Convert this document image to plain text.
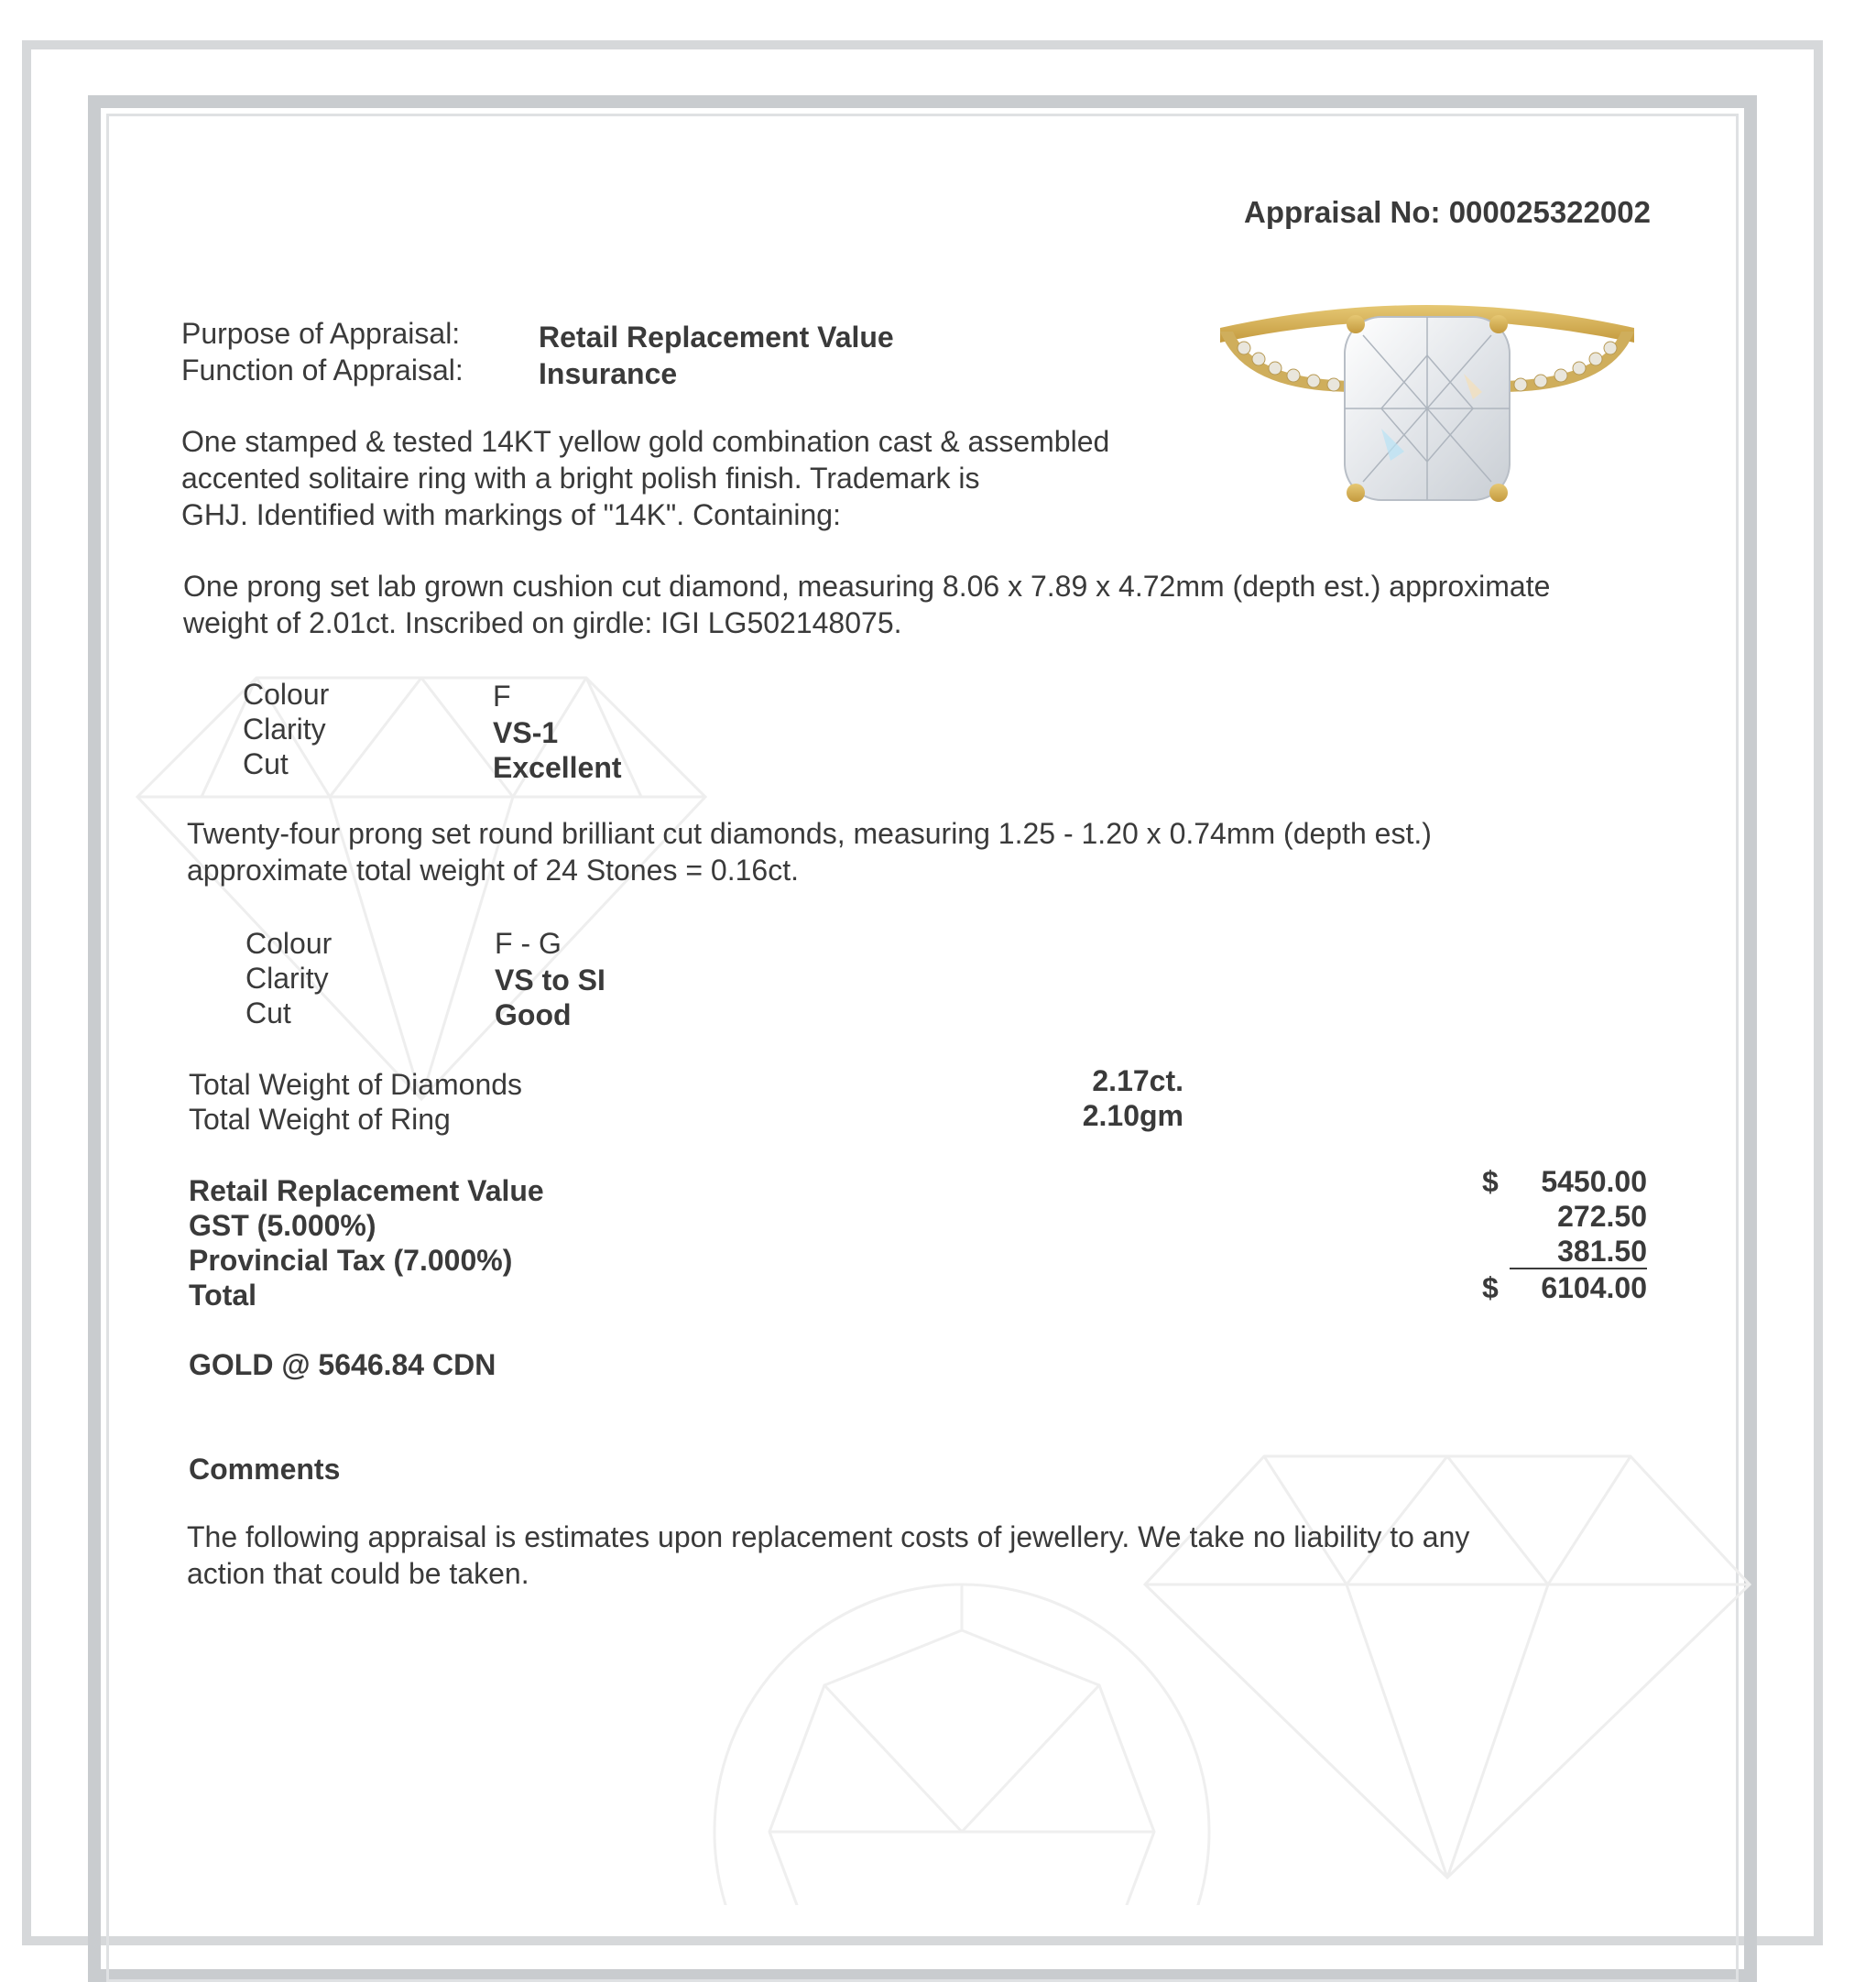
Appraisal No: 000025322002
Purpose of Appraisal:	Retail Replacement Value
Function of Appraisal:	Insurance
One stamped & tested 14KT yellow gold combination cast & assembled
accented solitaire ring with a bright polish finish. Trademark is
GHJ. Identified with markings of "14K". Containing:
One prong set lab grown cushion cut diamond, measuring 8.06 x 7.89 x 4.72mm (depth est.) approximate
weight of 2.01ct. Inscribed on girdle: IGI LG502148075.
Colour	F
Clarity	VS-1
Cut	Excellent
Twenty-four prong set round brilliant cut diamonds, measuring 1.25 - 1.20 x 0.74mm (depth est.)
approximate total weight of 24 Stones = 0.16ct.
Colour	F - G
Clarity	VS to SI
Cut	Good
Total Weight of Diamonds	2.17ct.
Total Weight of Ring	2.10gm
Retail Replacement Value	$	5450.00
GST (5.000%)	272.50
Provincial Tax (7.000%)	381.50
Total	$	6104.00
GOLD @ 5646.84 CDN
Comments
The following appraisal is estimates upon replacement costs of jewellery. We take no liability to any
action that could be taken.
